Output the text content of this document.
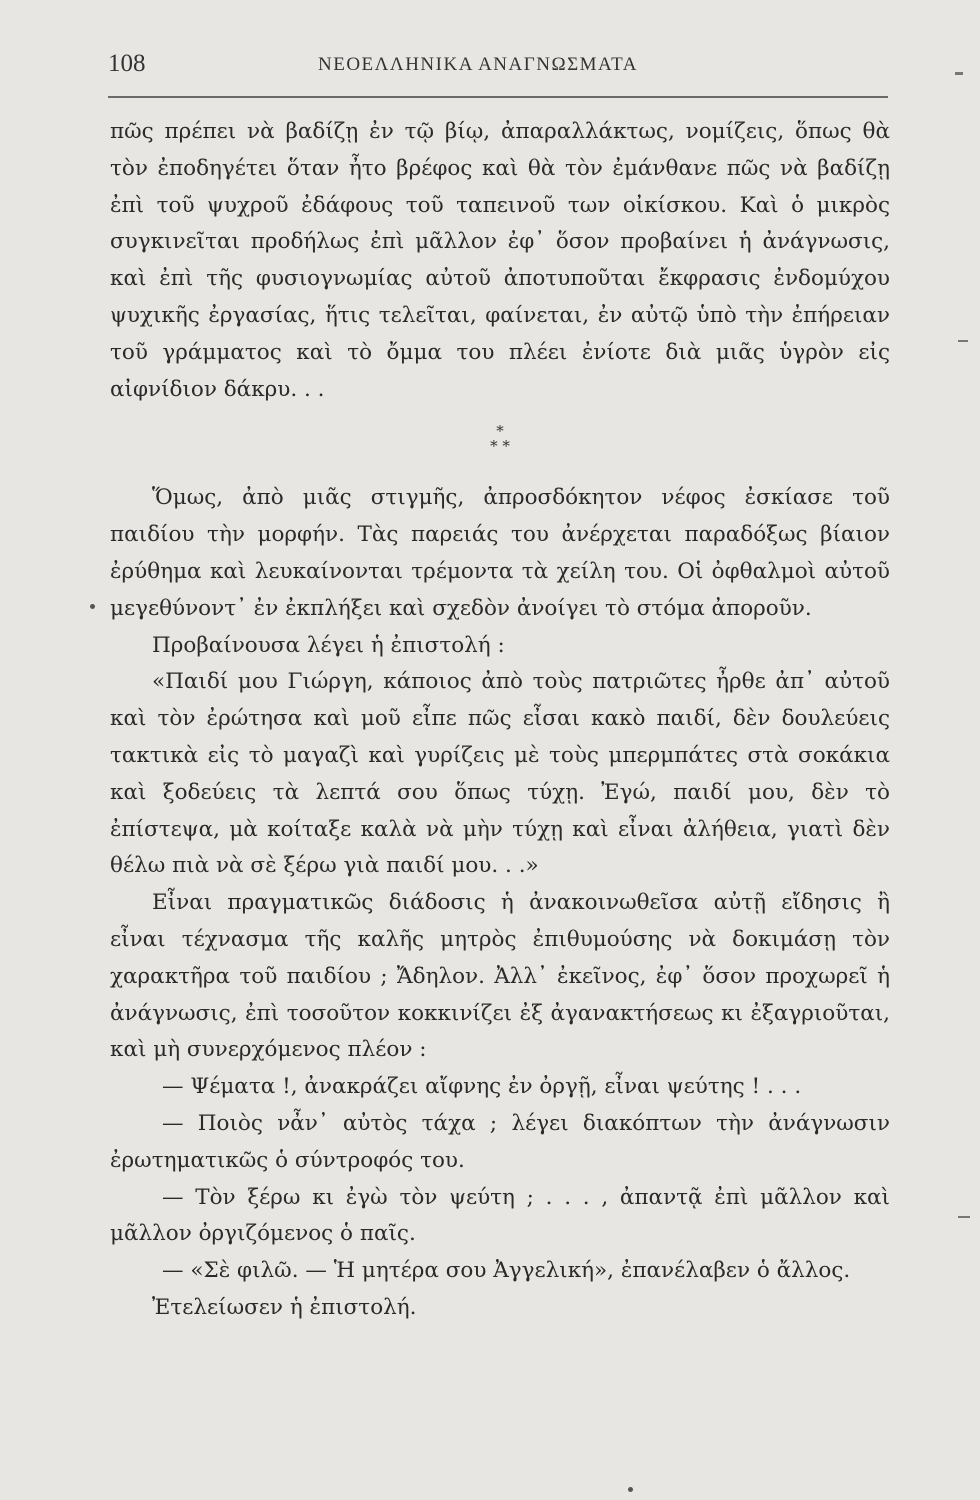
108	ΝΕΟΕΛΛΗΝΙΚΑ ΑΝΑΓΝΩΣΜΑΤΑ

πῶς πρέπει νὰ βαδίζῃ ἐν τῷ βίῳ, ἀπαραλλάκτως, νομίζεις, ὅπως θὰ τὸν ἐποδηγέτει ὅταν ἦτο βρέφος καὶ θὰ τὸν ἐμάνθανε πῶς νὰ βαδίζῃ ἐπὶ τοῦ ψυχροῦ ἐδάφους τοῦ ταπεινοῦ των οἰκίσκου. Καὶ ὁ μικρὸς συγκινεῖται προδήλως ἐπὶ μᾶλλον ἐφ᾽ ὅσον προβαίνει ἡ ἀνάγνωσις, καὶ ἐπὶ τῆς φυσιογνωμίας αὐτοῦ ἀποτυποῦται ἔκφρασις ἐνδομύχου ψυχικῆς ἐργασίας, ἥτις τελεῖται, φαίνεται, ἐν αὐτῷ ὑπὸ τὴν ἐπήρειαν τοῦ γράμματος καὶ τὸ ὄμμα του πλέει ἐνίοτε διὰ μιᾶς ὑγρὸν εἰς αἰφνίδιον δάκρυ. . .

*
* *

Ὅμως, ἀπὸ μιᾶς στιγμῆς, ἀπροσδόκητον νέφος ἐσκίασε τοῦ παιδίου τὴν μορφήν. Τὰς παρειάς του ἀνέρχεται παραδόξως βίαιον ἐρύθημα καὶ λευκαίνονται τρέμοντα τὰ χείλη του. Οἱ ὀφθαλμοὶ αὐτοῦ μεγεθύνοντ᾽ ἐν ἐκπλήξει καὶ σχεδὸν ἀνοίγει τὸ στόμα ἀποροῦν.

Προβαίνουσα λέγει ἡ ἐπιστολή :

«Παιδί μου Γιώργη, κάποιος ἀπὸ τοὺς πατριῶτες ἦρθε ἀπ᾽ αὐτοῦ καὶ τὸν ἐρώτησα καὶ μοῦ εἶπε πῶς εἶσαι κακὸ παιδί, δὲν δουλεύεις τακτικὰ εἰς τὸ μαγαζὶ καὶ γυρίζεις μὲ τοὺς μπερμπάτες στὰ σοκάκια καὶ ξοδεύεις τὰ λεπτά σου ὅπως τύχῃ. Ἐγώ, παιδί μου, δὲν τὸ ἐπίστεψα, μὰ κοίταξε καλὰ νὰ μὴν τύχῃ καὶ εἶναι ἀλήθεια, γιατὶ δὲν θέλω πιὰ νὰ σὲ ξέρω γιὰ παιδί μου. . .»

Εἶναι πραγματικῶς διάδοσις ἡ ἀνακοινωθεῖσα αὐτῇ εἴδησις ἢ εἶναι τέχνασμα τῆς καλῆς μητρὸς ἐπιθυμούσης νὰ δοκιμάσῃ τὸν χαρακτῆρα τοῦ παιδίου ; Ἄδηλον. Ἀλλ᾽ ἐκεῖνος, ἐφ᾽ ὅσον προχωρεῖ ἡ ἀνάγνωσις, ἐπὶ τοσοῦτον κοκκινίζει ἐξ ἀγανακτήσεως κι ἐξαγριοῦται, καὶ μὴ συνερχόμενος πλέον :

— Ψέματα !, ἀνακράζει αἴφνης ἐν ὀργῇ, εἶναι ψεύτης ! . . .

— Ποιὸς νἆν᾽ αὐτὸς τάχα ; λέγει διακόπτων τὴν ἀνάγνωσιν ἐρωτηματικῶς ὁ σύντροφός του.

— Τὸν ξέρω κι ἐγὼ τὸν ψεύτη ; . . . , ἀπαντᾷ ἐπὶ μᾶλλον καὶ μᾶλλον ὀργιζόμενος ὁ παῖς.

— «Σὲ φιλῶ. — Ἡ μητέρα σου Ἀγγελική», ἐπανέλαβεν ὁ ἄλλος.

Ἐτελείωσεν ἡ ἐπιστολή.
